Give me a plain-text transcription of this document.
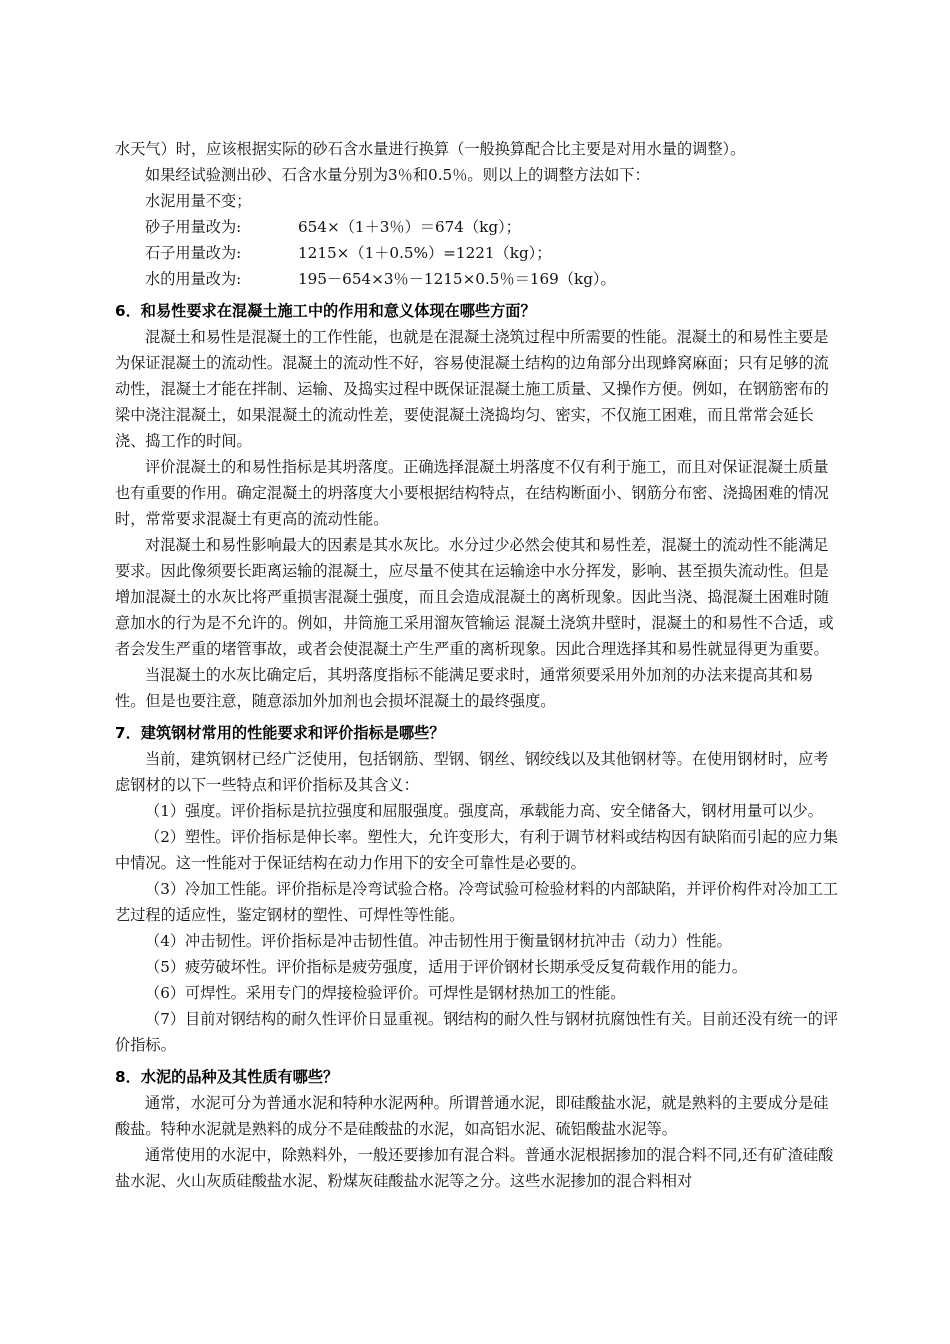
水天气）时，应该根据实际的砂石含水量进行换算（一般换算配合比主要是对用水量的调整）。

如果经试验测出砂、石含水量分别为3％和0.5％。则以上的调整方法如下：

水泥用量不变；

砂子用量改为:	654×（1＋3％）＝674（kg）；

石子用量改为:	1215×（1＋0.5%）=1221（kg）；

水的用量改为:	195－654×3％－1215×0.5％＝169（kg）。

6．和易性要求在混凝土施工中的作用和意义体现在哪些方面？

混凝土和易性是混凝土的工作性能，也就是在混凝土浇筑过程中所需要的性能。混凝土的和易性主要是为保证混凝土的流动性。混凝土的流动性不好，容易使混凝土结构的边角部分出现蜂窝麻面；只有足够的流动性，混凝土才能在拌制、运输、及捣实过程中既保证混凝土施工质量、又操作方便。例如，在钢筋密布的梁中浇注混凝土，如果混凝土的流动性差，要使混凝土浇捣均匀、密实，不仅施工困难，而且常常会延长浇、捣工作的时间。

评价混凝土的和易性指标是其坍落度。正确选择混凝土坍落度不仅有利于施工，而且对保证混凝土质量也有重要的作用。确定混凝土的坍落度大小要根据结构特点，在结构断面小、钢筋分布密、浇捣困难的情况时，常常要求混凝土有更高的流动性能。

对混凝土和易性影响最大的因素是其水灰比。水分过少必然会使其和易性差，混凝土的流动性不能满足要求。因此像须要长距离运输的混凝土，应尽量不使其在运输途中水分挥发，影响、甚至损失流动性。但是增加混凝土的水灰比将严重损害混凝土强度，而且会造成混凝土的离析现象。因此当浇、捣混凝土困难时随意加水的行为是不允许的。例如，井筒施工采用溜灰管输运 混凝土浇筑井壁时，混凝土的和易性不合适，或者会发生严重的堵管事故，或者会使混凝土产生严重的离析现象。因此合理选择其和易性就显得更为重要。

当混凝土的水灰比确定后，其坍落度指标不能满足要求时，通常须要采用外加剂的办法来提高其和易性。但是也要注意，随意添加外加剂也会损坏混凝土的最终强度。

7．建筑钢材常用的性能要求和评价指标是哪些？

当前，建筑钢材已经广泛使用，包括钢筋、型钢、钢丝、钢绞线以及其他钢材等。在使用钢材时，应考虑钢材的以下一些特点和评价指标及其含义：

（1）强度。评价指标是抗拉强度和屈服强度。强度高，承载能力高、安全储备大，钢材用量可以少。

（2）塑性。评价指标是伸长率。塑性大，允许变形大，有利于调节材料或结构因有缺陷而引起的应力集中情况。这一性能对于保证结构在动力作用下的安全可靠性是必要的。

（3）冷加工性能。评价指标是冷弯试验合格。冷弯试验可检验材料的内部缺陷，并评价构件对冷加工工艺过程的适应性，鉴定钢材的塑性、可焊性等性能。

（4）冲击韧性。评价指标是冲击韧性值。冲击韧性用于衡量钢材抗冲击（动力）性能。

（5）疲劳破坏性。评价指标是疲劳强度，适用于评价钢材长期承受反复荷载作用的能力。

（6）可焊性。采用专门的焊接检验评价。可焊性是钢材热加工的性能。

（7）目前对钢结构的耐久性评价日显重视。钢结构的耐久性与钢材抗腐蚀性有关。目前还没有统一的评价指标。

8．水泥的品种及其性质有哪些？

通常，水泥可分为普通水泥和特种水泥两种。所谓普通水泥，即硅酸盐水泥，就是熟料的主要成分是硅酸盐。特种水泥就是熟料的成分不是硅酸盐的水泥，如高铝水泥、硫铝酸盐水泥等。

通常使用的水泥中，除熟料外，一般还要掺加有混合料。普通水泥根据掺加的混合料不同,还有矿渣硅酸盐水泥、火山灰质硅酸盐水泥、粉煤灰硅酸盐水泥等之分。这些水泥掺加的混合料相对
